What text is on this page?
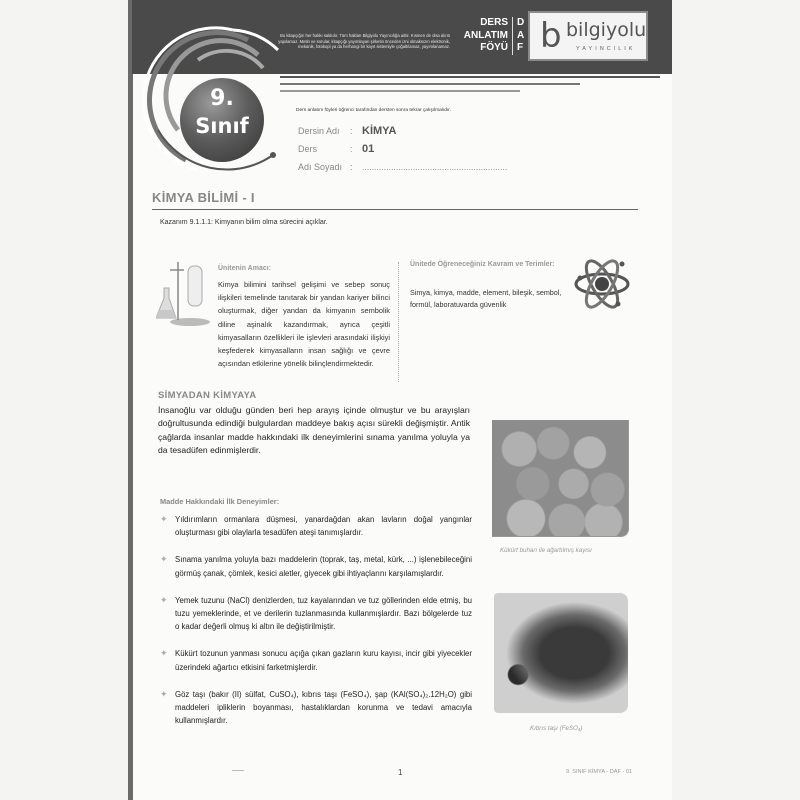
Bu kitapçığın her hakkı saklıdır. Tüm hakları Bilgiyolu Yayıncılığa aittir. Kısmen de olsa alıntı yapılamaz. Metin ve sorular, kitapçığı yayımlayan şirketin önceden izni olmaksızın elektronik, mekanik, fotokopi ya da herhangi bir kayıt sistemiyle çoğaltılamaz, yayımlanamaz.
DERS
ANLATIM
FÖYÜ
D
A
F b bilgiyolu
YAYINCILIK
9.
Sınıf
Ders anlatım föyleri öğrenci tarafından dersten sonra tekrar çalışılmalıdır.
Dersin Adı	: KİMYA
Ders	: 01
Adı Soyadı :	............................................................
KİMYA BİLİMİ - I
Kazanım 9.1.1.1: Kimyanın bilim olma sürecini açıklar.
Ünitenin Amacı:
Kimya bilimini tarihsel gelişimi ve sebep sonuç ilişkileri temelinde tanıtarak bir yandan kariyer bilinci oluşturmak, diğer yandan da kimyanın sembolik diline aşinalık kazandırmak, ayrıca çeşitli kimyasalların özellikleri ile işlevleri arasındaki ilişkiyi keşfederek kimyasalların insan sağlığı ve çevre açısından etkilerine yönelik bilinçlendirmektedir.
Ünitede Öğreneceğiniz Kavram ve Terimler:
Simya, kimya, madde, element, bileşik, sembol, formül, laboratuvarda güvenlik
SİMYADAN KİMYAYA
İnsanoğlu var olduğu günden beri hep arayış içinde olmuştur ve bu arayışları doğrultusunda edindiği bulgulardan maddeye bakış açısı sürekli değişmiştir. Antik çağlarda insanlar madde hakkındaki ilk deneyimlerini sınama yanılma yoluyla ya da tesadüfen edinmişlerdir.
Madde Hakkındaki İlk Deneyimler:
✦ Yıldırımların ormanlara düşmesi, yanardağdan akan lavların doğal yangınlar oluşturması gibi olaylarla tesadüfen ateşi tanımışlardır.
✦ Sınama yanılma yoluyla bazı maddelerin (toprak, taş, metal, kürk, ...) işlenebileceğini görmüş çanak, çömlek, kesici aletler, giyecek gibi ihtiyaçlarını karşılamışlardır.
✦ Yemek tuzunu (NaCl) denizlerden, tuz kayalarından ve tuz göllerinden elde etmiş, bu tuzu yemeklerinde, et ve derilerin tuzlanmasında kullanmışlardır. Bazı bölgelerde tuz o kadar değerli olmuş ki altın ile değiştirilmiştir.
✦ Kükürt tozunun yanması sonucu açığa çıkan gazların kuru kayısı, incir gibi yiyecekler üzerindeki ağartıcı etkisini farketmişlerdir.
✦ Göz taşı (bakır (II) sülfat, CuSO₄), kıbrıs taşı (FeSO₄), şap (KAl(SO₄)₂.12H₂O) gibi maddeleri ipliklerin boyanması, hastalıklardan korunma ve tedavi amacıyla kullanmışlardır.
Kükürt buharı ile ağartılmış kayısı
Kıbrıs taşı (FeSO₄)
1	9. SINIF KİMYA - DAF - 01
